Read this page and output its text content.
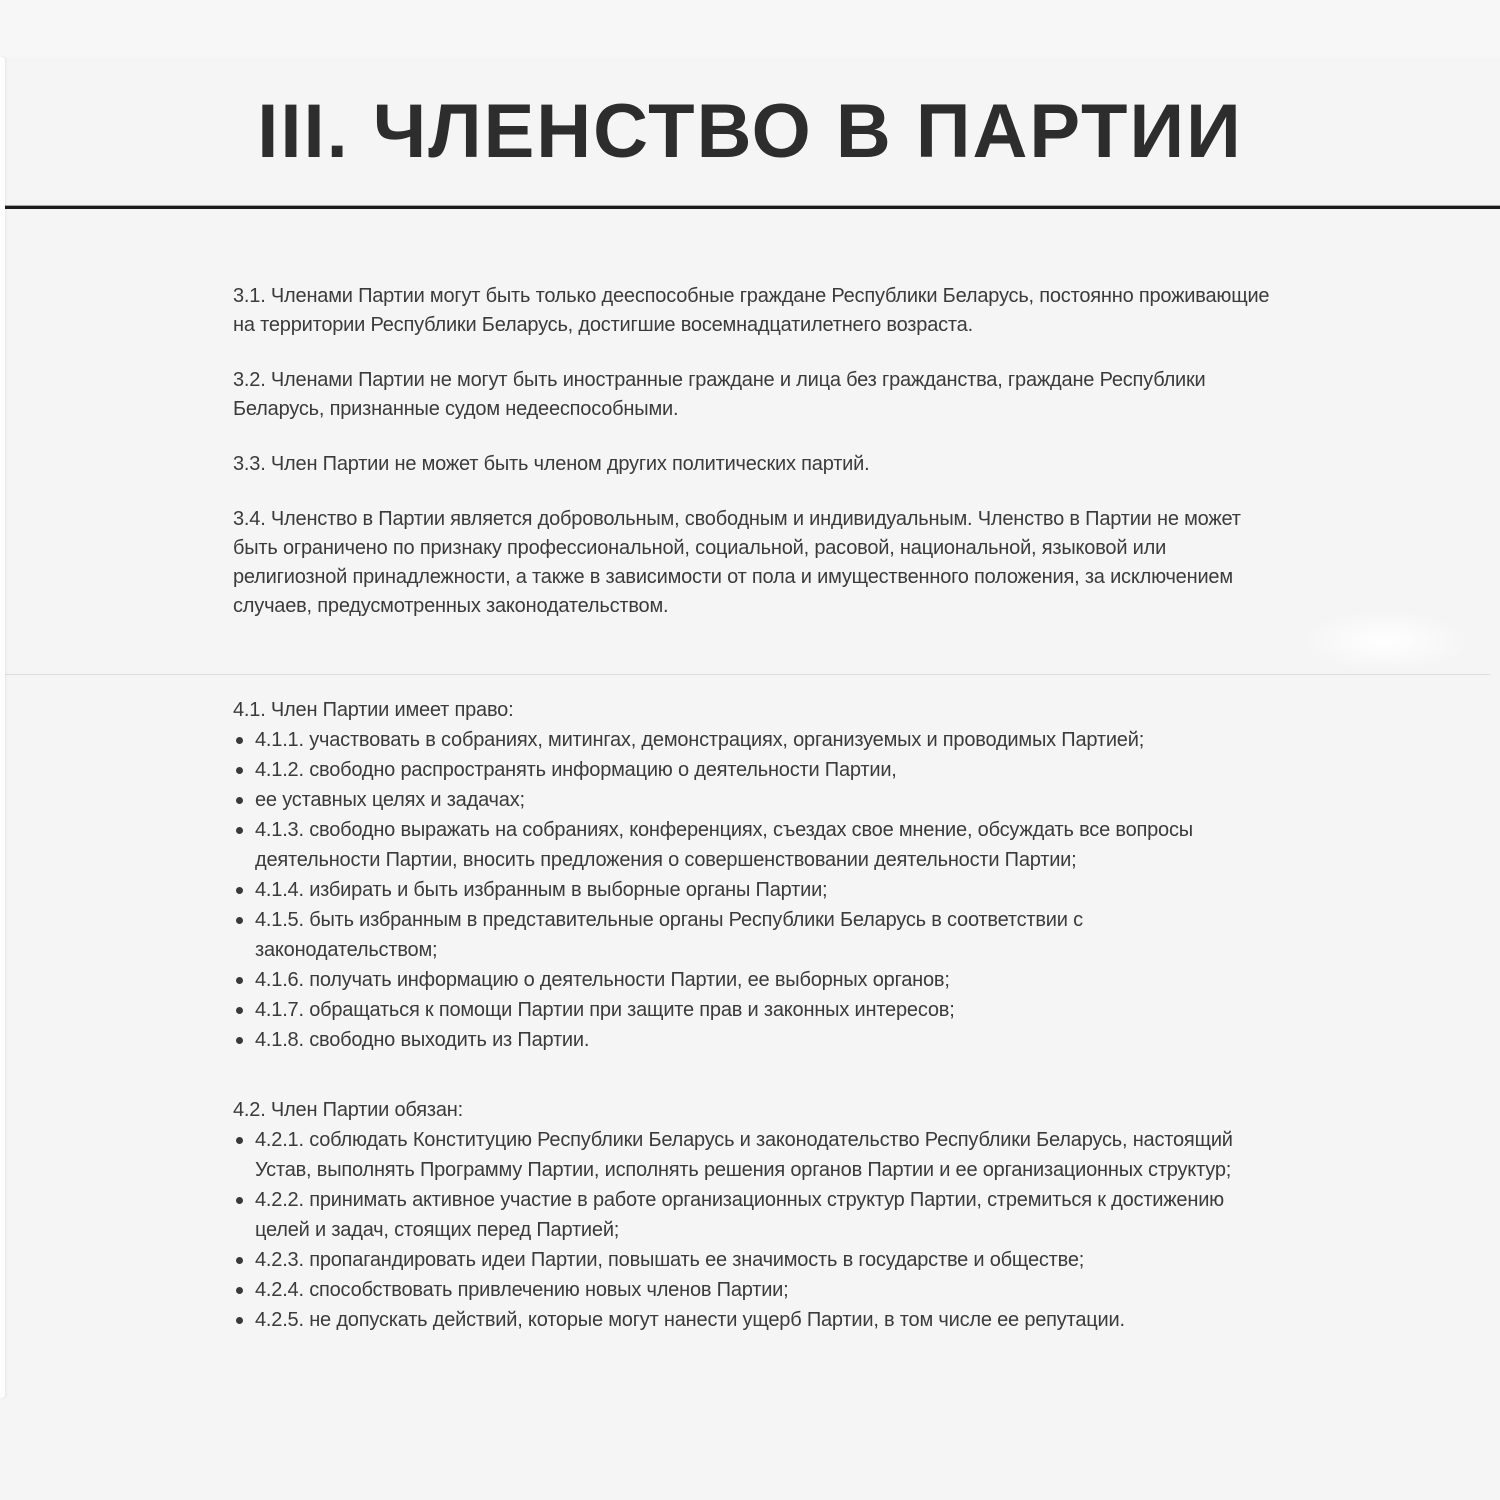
III. ЧЛЕНСТВО В ПАРТИИ

3.1. Членами Партии могут быть только дееспособные граждане Республики Беларусь, постоянно проживающие на территории Республики Беларусь, достигшие восемнадцатилетнего возраста.

3.2. Членами Партии не могут быть иностранные граждане и лица без гражданства, граждане Республики Беларусь, признанные судом недееспособными.

3.3. Член Партии не может быть членом других политических партий.

3.4. Членство в Партии является добровольным, свободным и индивидуальным. Членство в Партии не может быть ограничено по признаку профессиональной, социальной, расовой, национальной, языковой или религиозной принадлежности, а также в зависимости от пола и имущественного положения, за исключением случаев, предусмотренных законодательством.

4.1. Член Партии имеет право:

4.1.1. участвовать в собраниях, митингах, демонстрациях, организуемых и проводимых Партией;
4.1.2. свободно распространять информацию о деятельности Партии,
ее уставных целях и задачах;
4.1.3. свободно выражать на собраниях, конференциях, съездах свое мнение, обсуждать все вопросы деятельности Партии, вносить предложения о совершенствовании деятельности Партии;
4.1.4. избирать и быть избранным в выборные органы Партии;
4.1.5. быть избранным в представительные органы Республики Беларусь в соответствии с законодательством;
4.1.6. получать информацию о деятельности Партии, ее выборных органов;
4.1.7. обращаться к помощи Партии при защите прав и законных интересов;
4.1.8. свободно выходить из Партии.

4.2. Член Партии обязан:

4.2.1. соблюдать Конституцию Республики Беларусь и законодательство Республики Беларусь, настоящий Устав, выполнять Программу Партии, исполнять решения органов Партии и ее организационных структур;
4.2.2. принимать активное участие в работе организационных структур Партии, стремиться к достижению целей и задач, стоящих перед Партией;
4.2.3. пропагандировать идеи Партии, повышать ее значимость в государстве и обществе;
4.2.4. способствовать привлечению новых членов Партии;
4.2.5. не допускать действий, которые могут нанести ущерб Партии, в том числе ее репутации.
